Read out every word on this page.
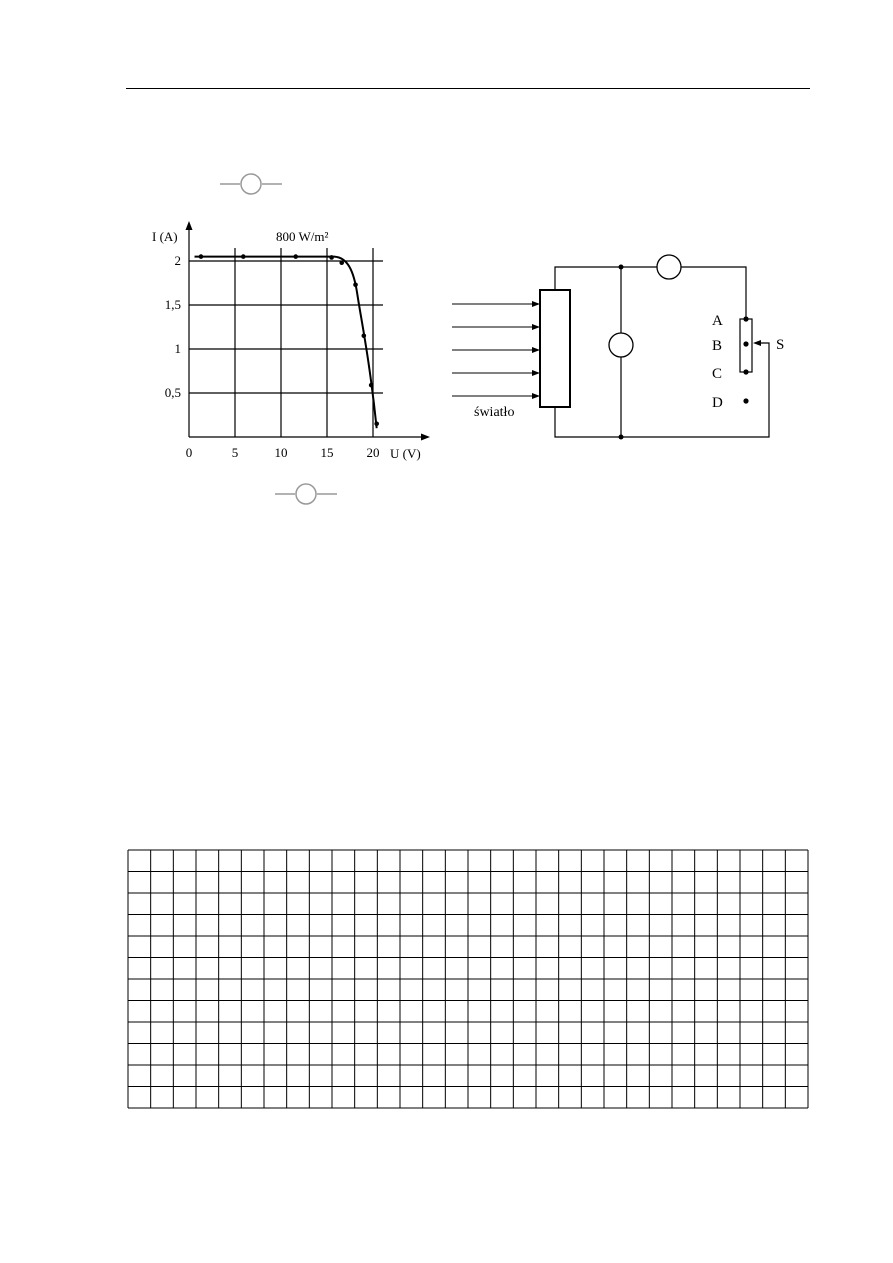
0	5	10	15	20
0,5
1
1,5
2
800 W/m²
I (A)
U (V)
światło
A
B
C
D
S
